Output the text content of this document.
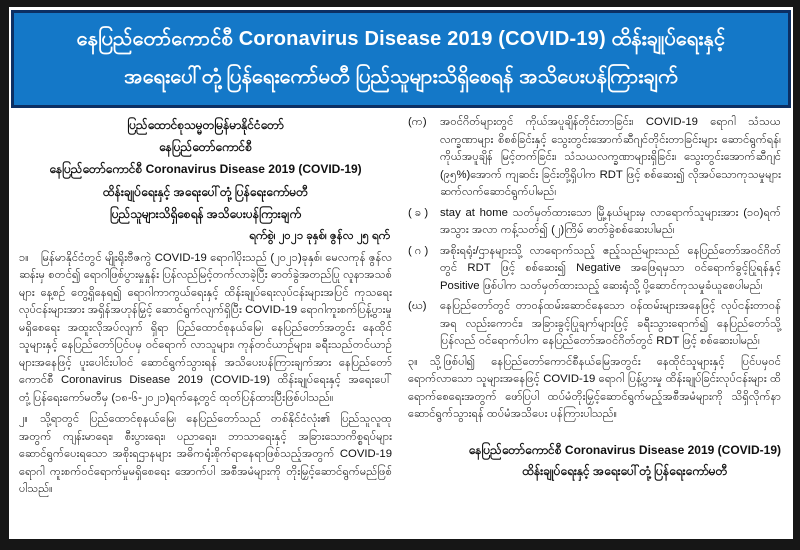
နေပြည်တော်ကောင်စီ Coronavirus Disease 2019 (COVID-19) ထိန်းချုပ်ရေးနှင့်
အရေးပေါ်တုံ့ပြန်ရေးကော်မတီ ပြည်သူများသိရှိစေရန် အသိပေးပန်ကြားချက်
ပြည်ထောင်စုသမ္မတမြန်မာနိုင်ငံတော်
နေပြည်တော်ကောင်စီ
နေပြည်တော်ကောင်စီ Coronavirus Disease 2019 (COVID-19)
ထိန်းချုပ်ရေးနှင့် အရေးပေါ်တုံ့ပြန်ရေးကော်မတီ
ပြည်သူများသိရှိစေရန် အသိပေးပန်ကြားချက်
ရက်စွဲ၊ ၂၀၂၁ ခုနှစ်၊ ဇွန်လ ၂၅ ရက်

၁။ မြန်မာနိုင်ငံတွင် မျိုးရိုးဗီဇကွဲ COVID-19 ရောဂါပိုးသည် (၂၀၂၁)ခုနှစ်၊ မေလကုန် ဇွန်လဆန်းမှ စတင်၍ ရောဂါဖြစ်ပွားမှုနှုန်း ပြန်လည်မြင့်တက်လာခဲ့ပြီး ဓာတ်ခွဲအတည်ပြု လူနာအသစ်များ နေ့စဉ် တွေ့ရှိနေရ၍ ရောဂါကာကွယ်ရေးနှင့် ထိန်းချုပ်ရေးလုပ်ငန်းများအပြင် ကုသရေးလုပ်ငန်းများအား အရှိန်အဟုန်မြှင့် ဆောင်ရွက်လျက်ရှိပြီး COVID-19 ရောဂါကူးစက်ပြန့်ပွားမှုမရှိစေရေး အထူးလိုအပ်လျက် ရှိရာ ပြည်ထောင်စုနယ်မြေ၊ နေပြည်တော်အတွင်း နေထိုင်သူများနှင့် နေပြည်တော်ပြင်ပမှ ဝင်ရောက် လာသူများ၊ ကုန်တင်ယာဉ်များ၊ ခရီးသည်တင်ယာဉ်များအနေဖြင့် ပူးပေါင်းပါဝင် ဆောင်ရွက်သွားရန် အသိပေးပန်ကြားချက်အား နေပြည်တော်ကောင်စီ Coronavirus Disease 2019 (COVID-19) ထိန်းချုပ်ရေးနှင့် အရေးပေါ်တုံ့ပြန်ရေးကော်မတီမှ (၁၈-၆-၂၀၂၁)ရက်နေ့တွင် ထုတ်ပြန်ထားပြီးဖြစ်ပါသည်။

၂။ သို့ရာတွင် ပြည်ထောင်စုနယ်မြေ၊ နေပြည်တော်သည် တစ်နိုင်ငံလုံး၏ ပြည်သူလူထုအတွက် ကျန်းမာရေး၊ စီးပွားရေး၊ ပညာရေး၊ ဘာသာရေးနှင့် အခြားသောကိစ္စရပ်များ ဆောင်ရွက်ပေးရသော အစိုးရဌာနများ အဓိကရုံးစိုက်ရာနေရာဖြစ်သည့်အတွက် COVID-19 ရောဂါ ကူးစက်ဝင်ရောက်မှုမရှိစေရေး အောက်ပါ အစီအမံများကို တိုးမြှင့်ဆောင်ရွက်မည်ဖြစ်ပါသည်။

(က)	အဝင်ဂိတ်များတွင် ကိုယ်အပူချိန်တိုင်းတာခြင်း၊ COVID-19 ရောဂါ သံသယလက္ခဏာများ စိစစ်ခြင်းနှင့် သွေးတွင်းအောက်ဆီဂျင်တိုင်းတာခြင်းများ ဆောင်ရွက်ရန်၊ ကိုယ်အပူချိန် မြင့်တက်ခြင်း၊ သံသယလက္ခဏာများရှိခြင်း၊ သွေးတွင်းအောက်ဆီဂျင် (၉၅%)အောက် ကျဆင်း ခြင်းတို့ရှိပါက RDT ဖြင့် စစ်ဆေး၍ လိုအပ်သောကုသမှုများ ဆက်လက်ဆောင်ရွက်ပါမည်၊
( ခ )	stay at home သတ်မှတ်ထားသော မြို့နယ်များမှ လာရောက်သူများအား (၁၀)ရက် အသွား အလာ ကန့်သတ်၍ (၂)ကြိမ် ဓာတ်ခွဲစစ်ဆေးပါမည်၊
( ဂ )	အစိုးရရုံး/ဌာနများသို့ လာရောက်သည့် ဧည့်သည်များသည် နေပြည်တော်အဝင်ဂိတ်တွင် RDT ဖြင့် စစ်ဆေး၍ Negative အဖြေရမှသာ ဝင်ရောက်ခွင့်ပြုရန်နှင့် Positive ဖြစ်ပါက သတ်မှတ်ထားသည့် ဆေးရုံသို့ ပို့ဆောင်ကုသမှုခံယူစေပါမည်၊
(ဃ)	နေပြည်တော်တွင် တာဝန်ထမ်းဆောင်နေသော ဝန်ထမ်းများအနေဖြင့် လုပ်ငန်းတာဝန်အရ လည်းကောင်း၊ အခြားခွင့်ပြုချက်များဖြင့် ခရီးသွားရောက်၍ နေပြည်တော်သို့ ပြန်လည် ဝင်ရောက်ပါက နေပြည်တော်အဝင်ဂိတ်တွင် RDT ဖြင့် စစ်ဆေးပါမည်၊

၃။ သို့ဖြစ်ပါ၍ နေပြည်တော်ကောင်စီနယ်မြေအတွင်း နေထိုင်သူများနှင့် ပြင်ပမှဝင်ရောက်လာသော သူများအနေဖြင့် COVID-19 ရောဂါ ပြန့်ပွားမှု ထိန်းချုပ်ခြင်းလုပ်ငန်းများ ထိရောက်စေရေးအတွက် ဖော်ပြပါ ထပ်မံတိုးမြှင့်ဆောင်ရွက်မည့်အစီအမံများကို သိရှိလိုက်နာဆောင်ရွက်သွားရန် ထပ်မံအသိပေး ပန်ကြားပါသည်။

နေပြည်တော်ကောင်စီ Coronavirus Disease 2019 (COVID-19)
ထိန်းချုပ်ရေးနှင့် အရေးပေါ်တုံ့ပြန်ရေးကော်မတီ
